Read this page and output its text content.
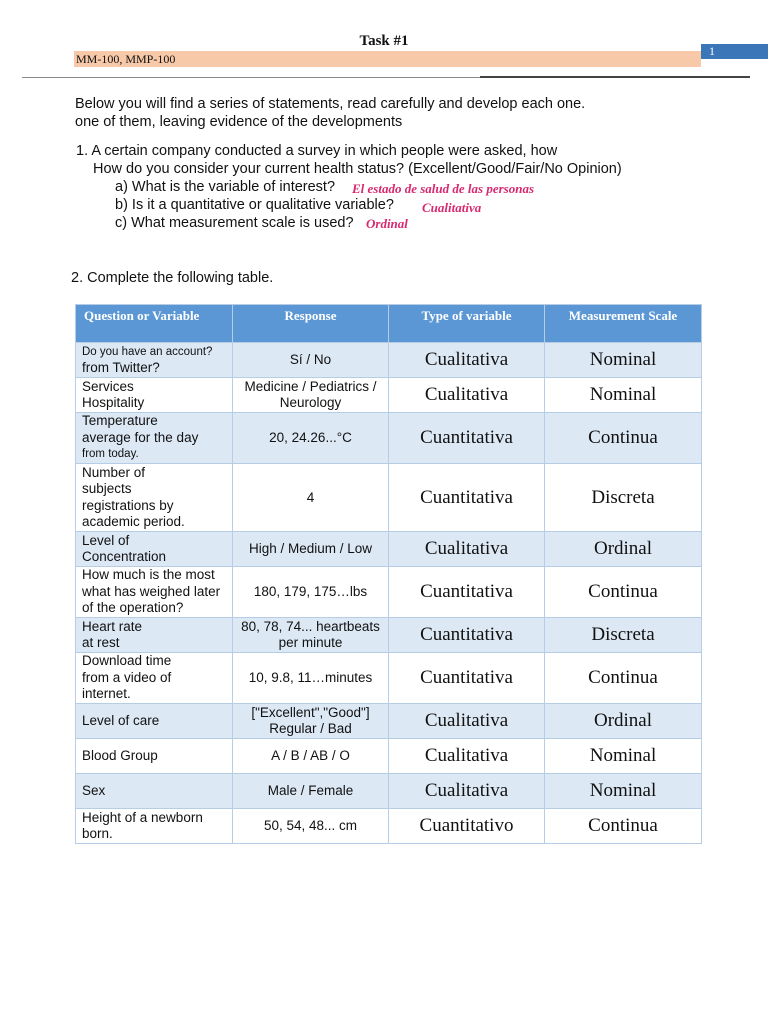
Task #1
1
MM-100, MMP-100
Below you will find a series of statements, read carefully and develop each one.
one of them, leaving evidence of the developments
1. A certain company conducted a survey in which people were asked, how
How do you consider your current health status? (Excellent/Good/Fair/No Opinion)
a) What is the variable of interest? El estado de salud de las personas
b) Is it a quantitative or qualitative variable? Cualitativa
c) What measurement scale is used? Ordinal
2. Complete the following table.
Question or Variable	Response	Type of variable	Measurement Scale

Do you have an account?
from Twitter?	Sí / No	Cualitativa	Nominal

Services
Hospitality	Medicine / Pediatrics / Neurology	Cualitativa	Nominal

Temperature
average for the day
from today.	20, 24.26...°C	Cuantitativa	Continua

Number of
subjects
registrations by
academic period.	4	Cuantitativa	Discreta

Level of
Concentration	High / Medium / Low	Cualitativa	Ordinal

How much is the most
what has weighed later
of the operation?	180, 179, 175…lbs	Cuantitativa	Continua

Heart rate
at rest	80, 78, 74... heartbeats per minute	Cuantitativa	Discreta

Download time
from a video of
internet.	10, 9.8, 11…minutes	Cuantitativa	Continua

Level of care	["Excellent","Good"] Regular / Bad	Cualitativa	Ordinal

Blood Group	A / B / AB / O	Cualitativa	Nominal

Sex	Male / Female	Cualitativa	Nominal

Height of a newborn
born.	50, 54, 48... cm	Cuantitativo	Continua
